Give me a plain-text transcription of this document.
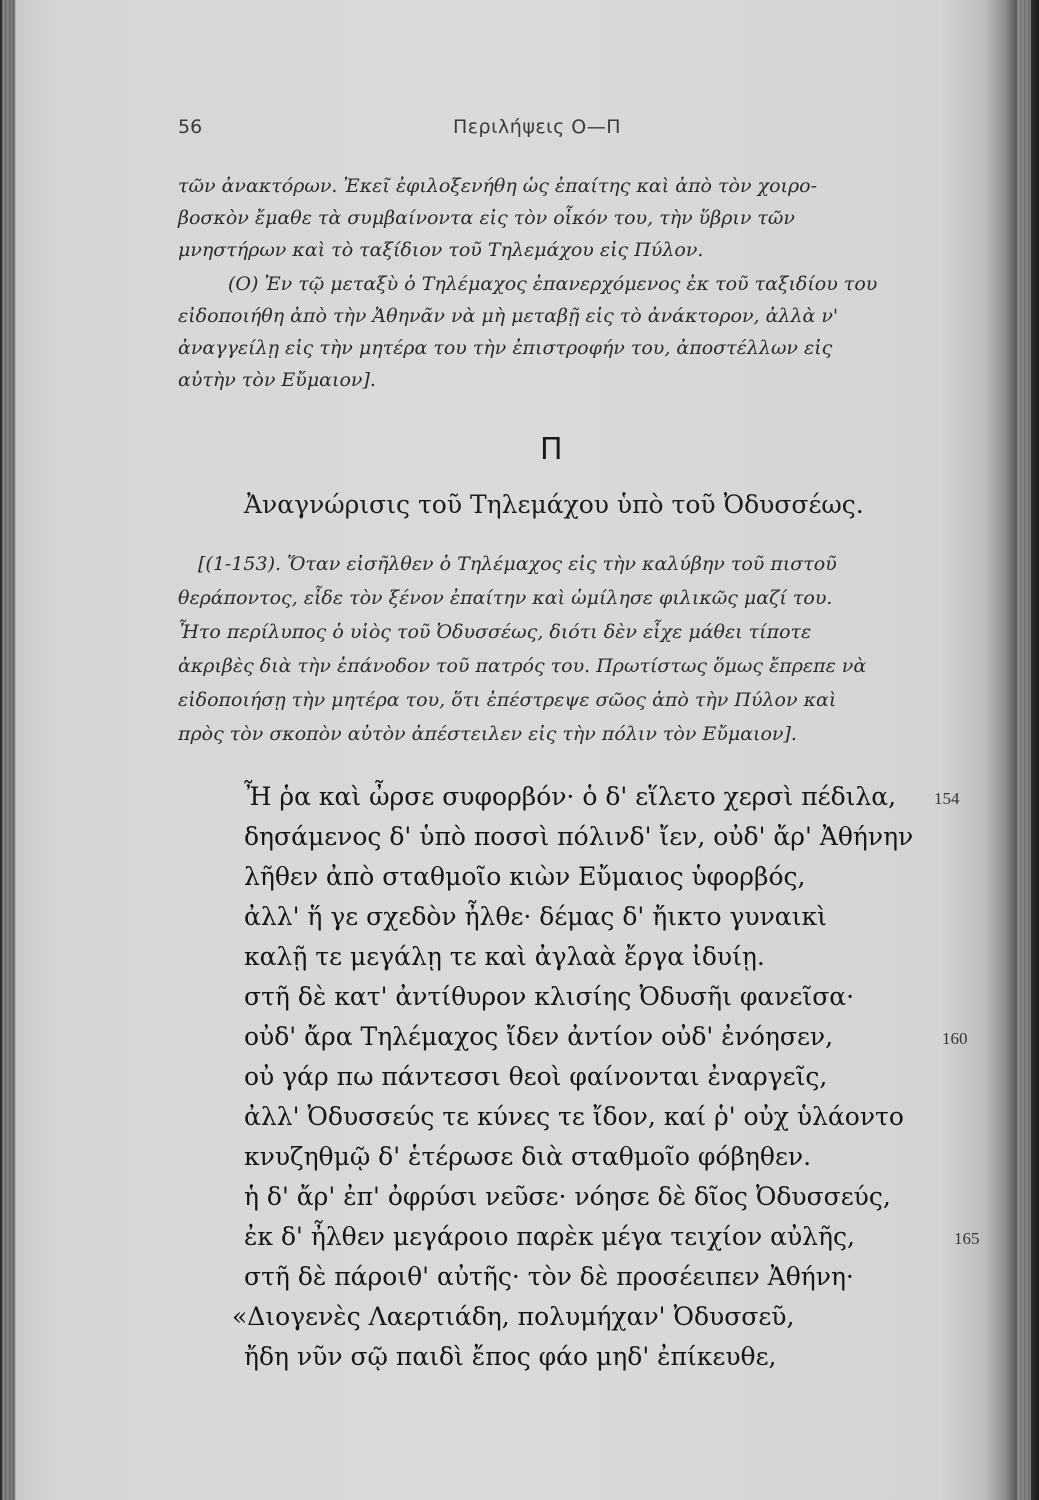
56	Περιλήψεις Ο—Π
τῶν ἀνακτόρων. Ἐκεῖ ἐφιλοξενήθη ὡς ἐπαίτης καὶ ἀπὸ τὸν χοιρο-
βοσκὸν ἔμαθε τὰ συμβαίνοντα εἰς τὸν οἶκόν του, τὴν ὕβριν τῶν
μνηστήρων καὶ τὸ ταξίδιον τοῦ Τηλεμάχου εἰς Πύλον.
(Ο) Ἐν τῷ μεταξὺ ὁ Τηλέμαχος ἐπανερχόμενος ἐκ τοῦ ταξιδίου του
εἰδοποιήθη ἀπὸ τὴν Ἀθηνᾶν νὰ μὴ μεταβῇ εἰς τὸ ἀνάκτορον, ἀλλὰ ν'
ἀναγγείλῃ εἰς τὴν μητέρα του τὴν ἐπιστροφήν του, ἀποστέλλων εἰς
αὐτὴν τὸν Εὔμαιον].
Π
Ἀναγνώρισις τοῦ Τηλεμάχου ὑπὸ τοῦ Ὀδυσσέως.
[(1-153). Ὅταν εἰσῆλθεν ὁ Τηλέμαχος εἰς τὴν καλύβην τοῦ πιστοῦ
θεράποντος, εἶδε τὸν ξένον ἐπαίτην καὶ ὡμίλησε φιλικῶς μαζί του.
Ἦτο περίλυπος ὁ υἱὸς τοῦ Ὀδυσσέως, διότι δὲν εἶχε μάθει τίποτε
ἀκριβὲς διὰ τὴν ἐπάνοδον τοῦ πατρός του. Πρωτίστως ὅμως ἔπρεπε νὰ
εἰδοποιήσῃ τὴν μητέρα του, ὅτι ἐπέστρεψε σῶος ἀπὸ τὴν Πύλον καὶ
πρὸς τὸν σκοπὸν αὐτὸν ἀπέστειλεν εἰς τὴν πόλιν τὸν Εὔμαιον].
Ἦ ῥα καὶ ὦρσε συφορβόν· ὁ δ' εἵλετο χερσὶ πέδιλα, 154
δησάμενος δ' ὑπὸ ποσσὶ πόλινδ' ἴεν, οὐδ' ἄρ' Ἀθήνην
λῆθεν ἀπὸ σταθμοῖο κιὼν Εὔμαιος ὑφορβός,
ἀλλ' ἥ γε σχεδὸν ἦλθε· δέμας δ' ἤικτο γυναικὶ
καλῇ τε μεγάλῃ τε καὶ ἀγλαὰ ἔργα ἰδυίῃ.
στῆ δὲ κατ' ἀντίθυρον κλισίης Ὀδυσῆι φανεῖσα·
οὐδ' ἄρα Τηλέμαχος ἴδεν ἀντίον οὐδ' ἐνόησεν,	160
οὐ γάρ πω πάντεσσι θεοὶ φαίνονται ἐναργεῖς,
ἀλλ' Ὀδυσσεύς τε κύνες τε ἴδον, καί ῥ' οὐχ ὑλάοντο
κνυζηθμῷ δ' ἑτέρωσε διὰ σταθμοῖο φόβηθεν.
ἡ δ' ἄρ' ἐπ' ὀφρύσι νεῦσε· νόησε δὲ δῖος Ὀδυσσεύς,
ἐκ δ' ἦλθεν μεγάροιο παρὲκ μέγα τειχίον αὐλῆς,	165
στῆ δὲ πάροιθ' αὐτῆς· τὸν δὲ προσέειπεν Ἀθήνη·
«Διογενὲς Λαερτιάδη, πολυμήχαν' Ὀδυσσεῦ,
ἤδη νῦν σῷ παιδὶ ἔπος φάο μηδ' ἐπίκευθε,
